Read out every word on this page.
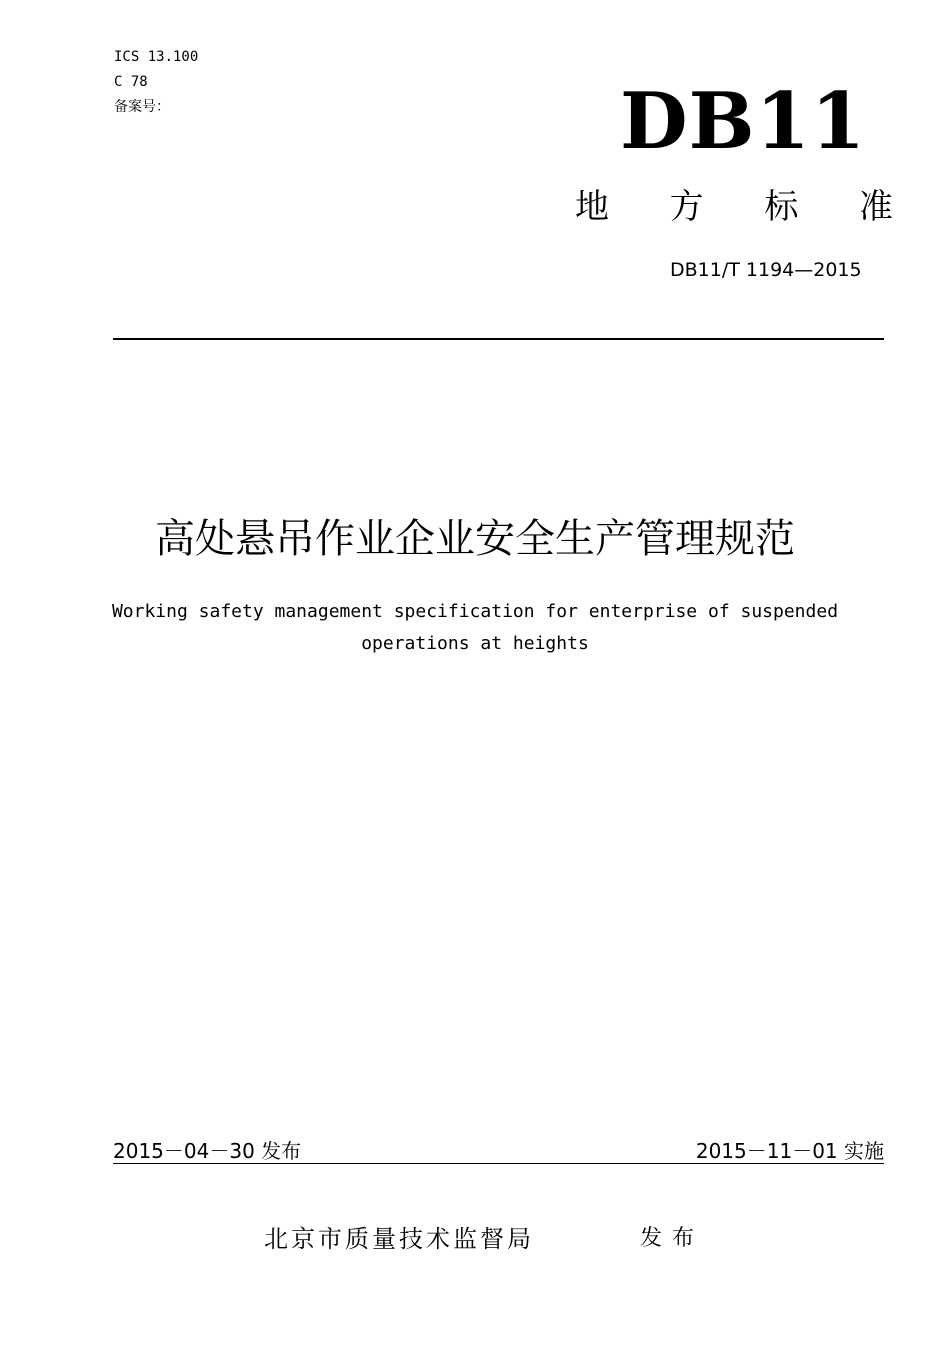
ICS 13.100
C 78
备案号：	DB11
地 方 标 准
DB11/T 1194—2015
高处悬吊作业企业安全生产管理规范
Working safety management specification for enterprise of suspended
operations at heights
2015－04－30 发布	2015－11－01 实施
北京市质量技术监督局	发布
